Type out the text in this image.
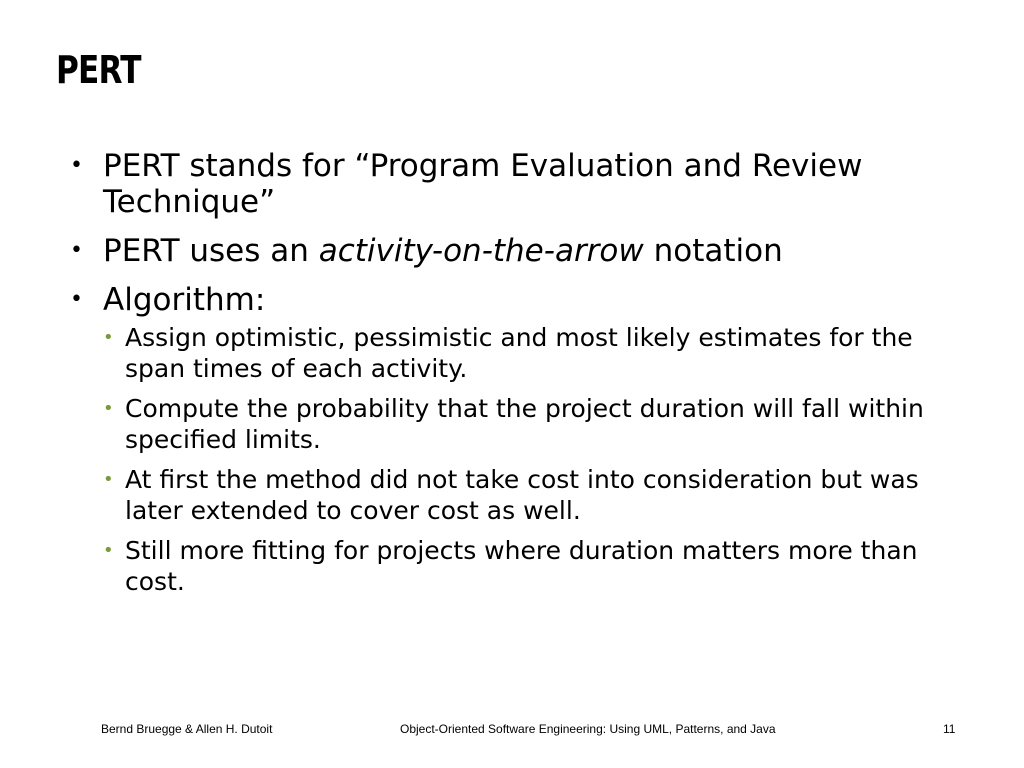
PERT
• PERT stands for “Program Evaluation and Review Technique”
• PERT uses an activity-on-the-arrow notation
• Algorithm:
• Assign optimistic, pessimistic and most likely estimates for the span times of each activity.
• Compute the probability that the project duration will fall within specified limits.
• At first the method did not take cost into consideration but was later extended to cover cost as well.
• Still more fitting for projects where duration matters more than cost.
Bernd Bruegge & Allen H. Dutoit	Object-Oriented Software Engineering: Using UML, Patterns, and Java	11
